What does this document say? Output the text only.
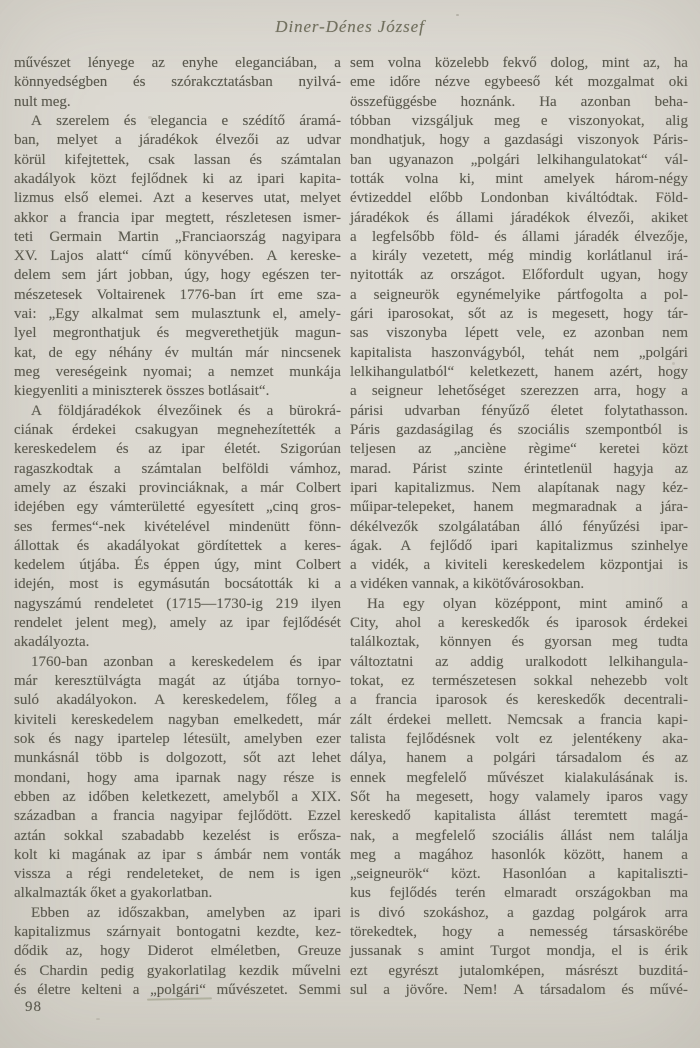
Diner-Dénes József
művészet lényege az enyhe eleganciában, a
könnyedségben és szórakcztatásban nyilvá-
nult meg.
A szerelem és elegancia e szédítő áramá-
ban, melyet a járadékok élvezői az udvar
körül kifejtettek, csak lassan és számtalan
akadályok közt fejlődnek ki az ipari kapita-
lizmus első elemei. Azt a keserves utat, melyet
akkor a francia ipar megtett, részletesen ismer-
teti Germain Martin „Franciaország nagyipara
XV. Lajos alatt“ című könyvében. A kereske-
delem sem járt jobban, úgy, hogy egészen ter-
mészetesek Voltairenek 1776-ban írt eme sza-
vai: „Egy alkalmat sem mulasztunk el, amely-
lyel megronthatjuk és megverethetjük magun-
kat, de egy néhány év multán már nincsenek
meg vereségeink nyomai; a nemzet munkája
kiegyenliti a miniszterek összes botlásait“.
A földjáradékok élvezőinek és a bürokrá-
ciának érdekei csakugyan megnehezítették a
kereskedelem és az ipar életét. Szigorúan
ragaszkodtak a számtalan belföldi vámhoz,
amely az északi provinciáknak, a már Colbert
idejében egy vámterületté egyesített „cinq gros-
ses fermes“-nek kivételével mindenütt fönn-
állottak és akadályokat gördítettek a keres-
kedelem útjába. És éppen úgy, mint Colbert
idején, most is egymásután bocsátották ki a
nagyszámú rendeletet (1715—1730-ig 219 ilyen
rendelet jelent meg), amely az ipar fejlődését
akadályozta.
1760-ban azonban a kereskedelem és ipar
már keresztülvágta magát az útjába tornyo-
suló akadályokon. A kereskedelem, főleg a
kiviteli kereskedelem nagyban emelkedett, már
sok és nagy ipartelep létesült, amelyben ezer
munkásnál több is dolgozott, sőt azt lehet
mondani, hogy ama iparnak nagy része is
ebben az időben keletkezett, amelyből a XIX.
században a francia nagyipar fejlődött. Ezzel
aztán sokkal szabadabb kezelést is erősza-
kolt ki magának az ipar s ámbár nem vonták
vissza a régi rendeleteket, de nem is igen
alkalmazták őket a gyakorlatban.
Ebben az időszakban, amelyben az ipari
kapitalizmus szárnyait bontogatni kezdte, kez-
dődik az, hogy Diderot elméletben, Greuze
és Chardin pedig gyakorlatilag kezdik művelni
és életre kelteni a „polgári“ művészetet. Semmi
sem volna közelebb fekvő dolog, mint az, ha
eme időre nézve egybeeső két mozgalmat oki
összefüggésbe hoznánk. Ha azonban beha-
tóbban vizsgáljuk meg e viszonyokat, alig
mondhatjuk, hogy a gazdasági viszonyok Páris-
ban ugyanazon „polgári lelkihangulatokat“ vál-
tották volna ki, mint amelyek három-négy
évtizeddel előbb Londonban kiváltódtak. Föld-
járadékok és állami járadékok élvezői, akiket
a legfelsőbb föld- és állami járadék élvezője,
a király vezetett, még mindig korlátlanul irá-
nyitották az országot. Előfordult ugyan, hogy
a seigneurök egynémelyike pártfogolta a pol-
gári iparosokat, sőt az is megesett, hogy tár-
sas viszonyba lépett vele, ez azonban nem
kapitalista haszonvágyból, tehát nem „polgári
lelkihangulatból“ keletkezett, hanem azért, hogy
a seigneur lehetőséget szerezzen arra, hogy a
párisi udvarban fényűző életet folytathasson.
Páris gazdaságilag és szociális szempontból is
teljesen az „anciène règime“ keretei közt
marad. Párist szinte érintetlenül hagyja az
ipari kapitalizmus. Nem alapítanak nagy kéz-
műipar-telepeket, hanem megmaradnak a jára-
dékélvezők szolgálatában álló fényűzési ipar-
ágak. A fejlődő ipari kapitalizmus szinhelye
a vidék, a kiviteli kereskedelem központjai is
a vidéken vannak, a kikötővárosokban.
Ha egy olyan középpont, mint aminő a
City, ahol a kereskedők és iparosok érdekei
találkoztak, könnyen és gyorsan meg tudta
változtatni az addig uralkodott lelkihangula-
tokat, ez természetesen sokkal nehezebb volt
a francia iparosok és kereskedők decentrali-
zált érdekei mellett. Nemcsak a francia kapi-
talista fejlődésnek volt ez jelentékeny aka-
dálya, hanem a polgári társadalom és az
ennek megfelelő művészet kialakulásának is.
Sőt ha megesett, hogy valamely iparos vagy
kereskedő kapitalista állást teremtett magá-
nak, a megfelelő szociális állást nem találja
meg a magához hasonlók között, hanem a
„seigneurök“ közt. Hasonlóan a kapitaliszti-
kus fejlődés terén elmaradt országokban ma
is divó szokáshoz, a gazdag polgárok arra
törekedtek, hogy a nemesség társaskörébe
jussanak s amint Turgot mondja, el is érik
ezt egyrészt jutalomképen, másrészt buzditá-
sul a jövőre. Nem! A társadalom és művé-
98
